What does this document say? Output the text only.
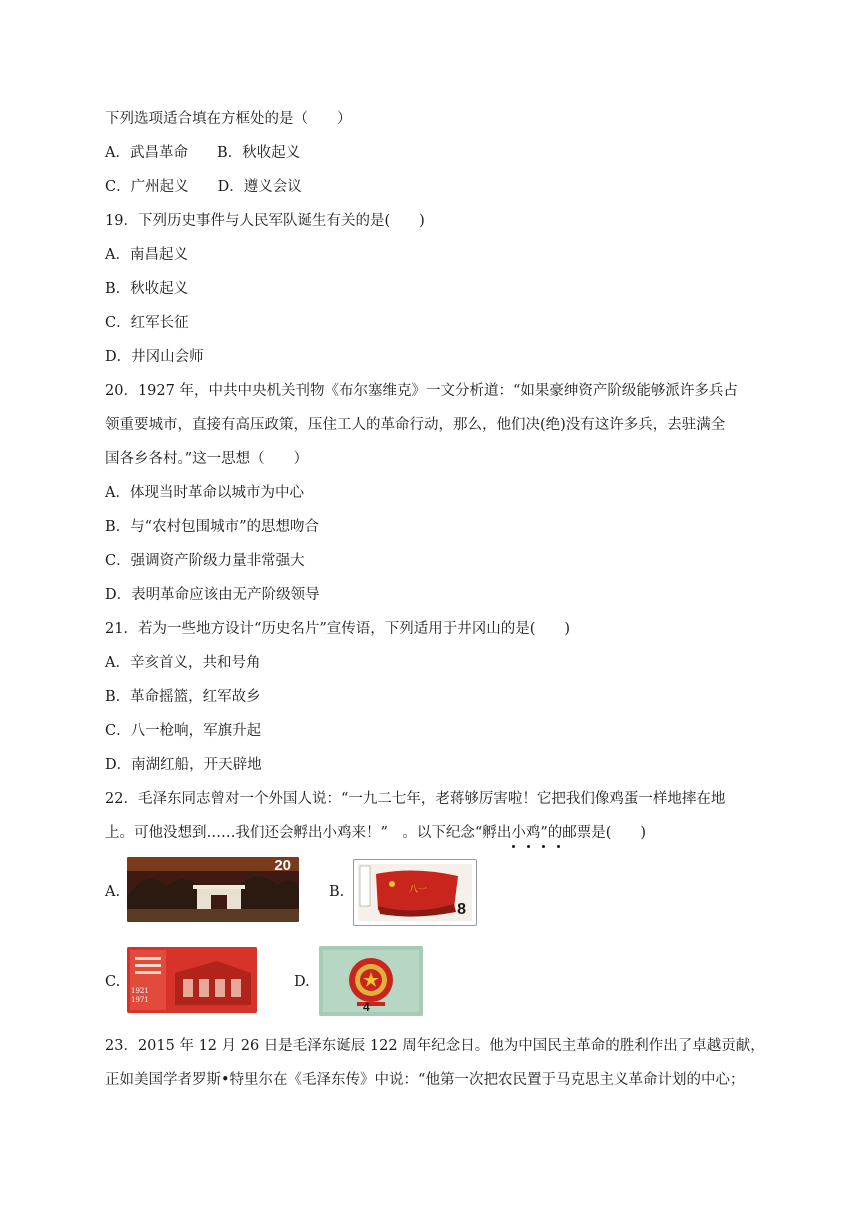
下列选项适合填在方框处的是（　　）
A．武昌革命　　B．秋收起义
C．广州起义　　D．遵义会议
19．下列历史事件与人民军队诞生有关的是(　　)
A．南昌起义
B．秋收起义
C．红军长征
D．井冈山会师
20．1927 年，中共中央机关刊物《布尔塞维克》一文分析道：“如果豪绅资产阶级能够派许多兵占
领重要城市，直接有高压政策，压住工人的革命行动，那么，他们决(绝)没有这许多兵，去驻满全
国各乡各村。”这一思想（　　）
A．体现当时革命以城市为中心
B．与“农村包围城市”的思想吻合
C．强调资产阶级力量非常强大
D．表明革命应该由无产阶级领导
21．若为一些地方设计“历史名片”宣传语，下列适用于井冈山的是(　　)
A．辛亥首义，共和号角
B．革命摇篮，红军故乡
C．八一枪响，军旗升起
D．南湖红船，开天辟地
22．毛泽东同志曾对一个外国人说：“一九二七年，老蒋够厉害啦！它把我们像鸡蛋一样地摔在地
上。可他没想到……我们还会孵出小鸡来！”　。以下纪念“孵出小鸡”的邮票是(　　)
A.
20
B.	八一
8
C.
1921 1971
D.
4
23．2015 年 12 月 26 日是毛泽东诞辰 122 周年纪念日。他为中国民主革命的胜利作出了卓越贡献，
正如美国学者罗斯•特里尔在《毛泽东传》中说：“他第一次把农民置于马克思主义革命计划的中心；
